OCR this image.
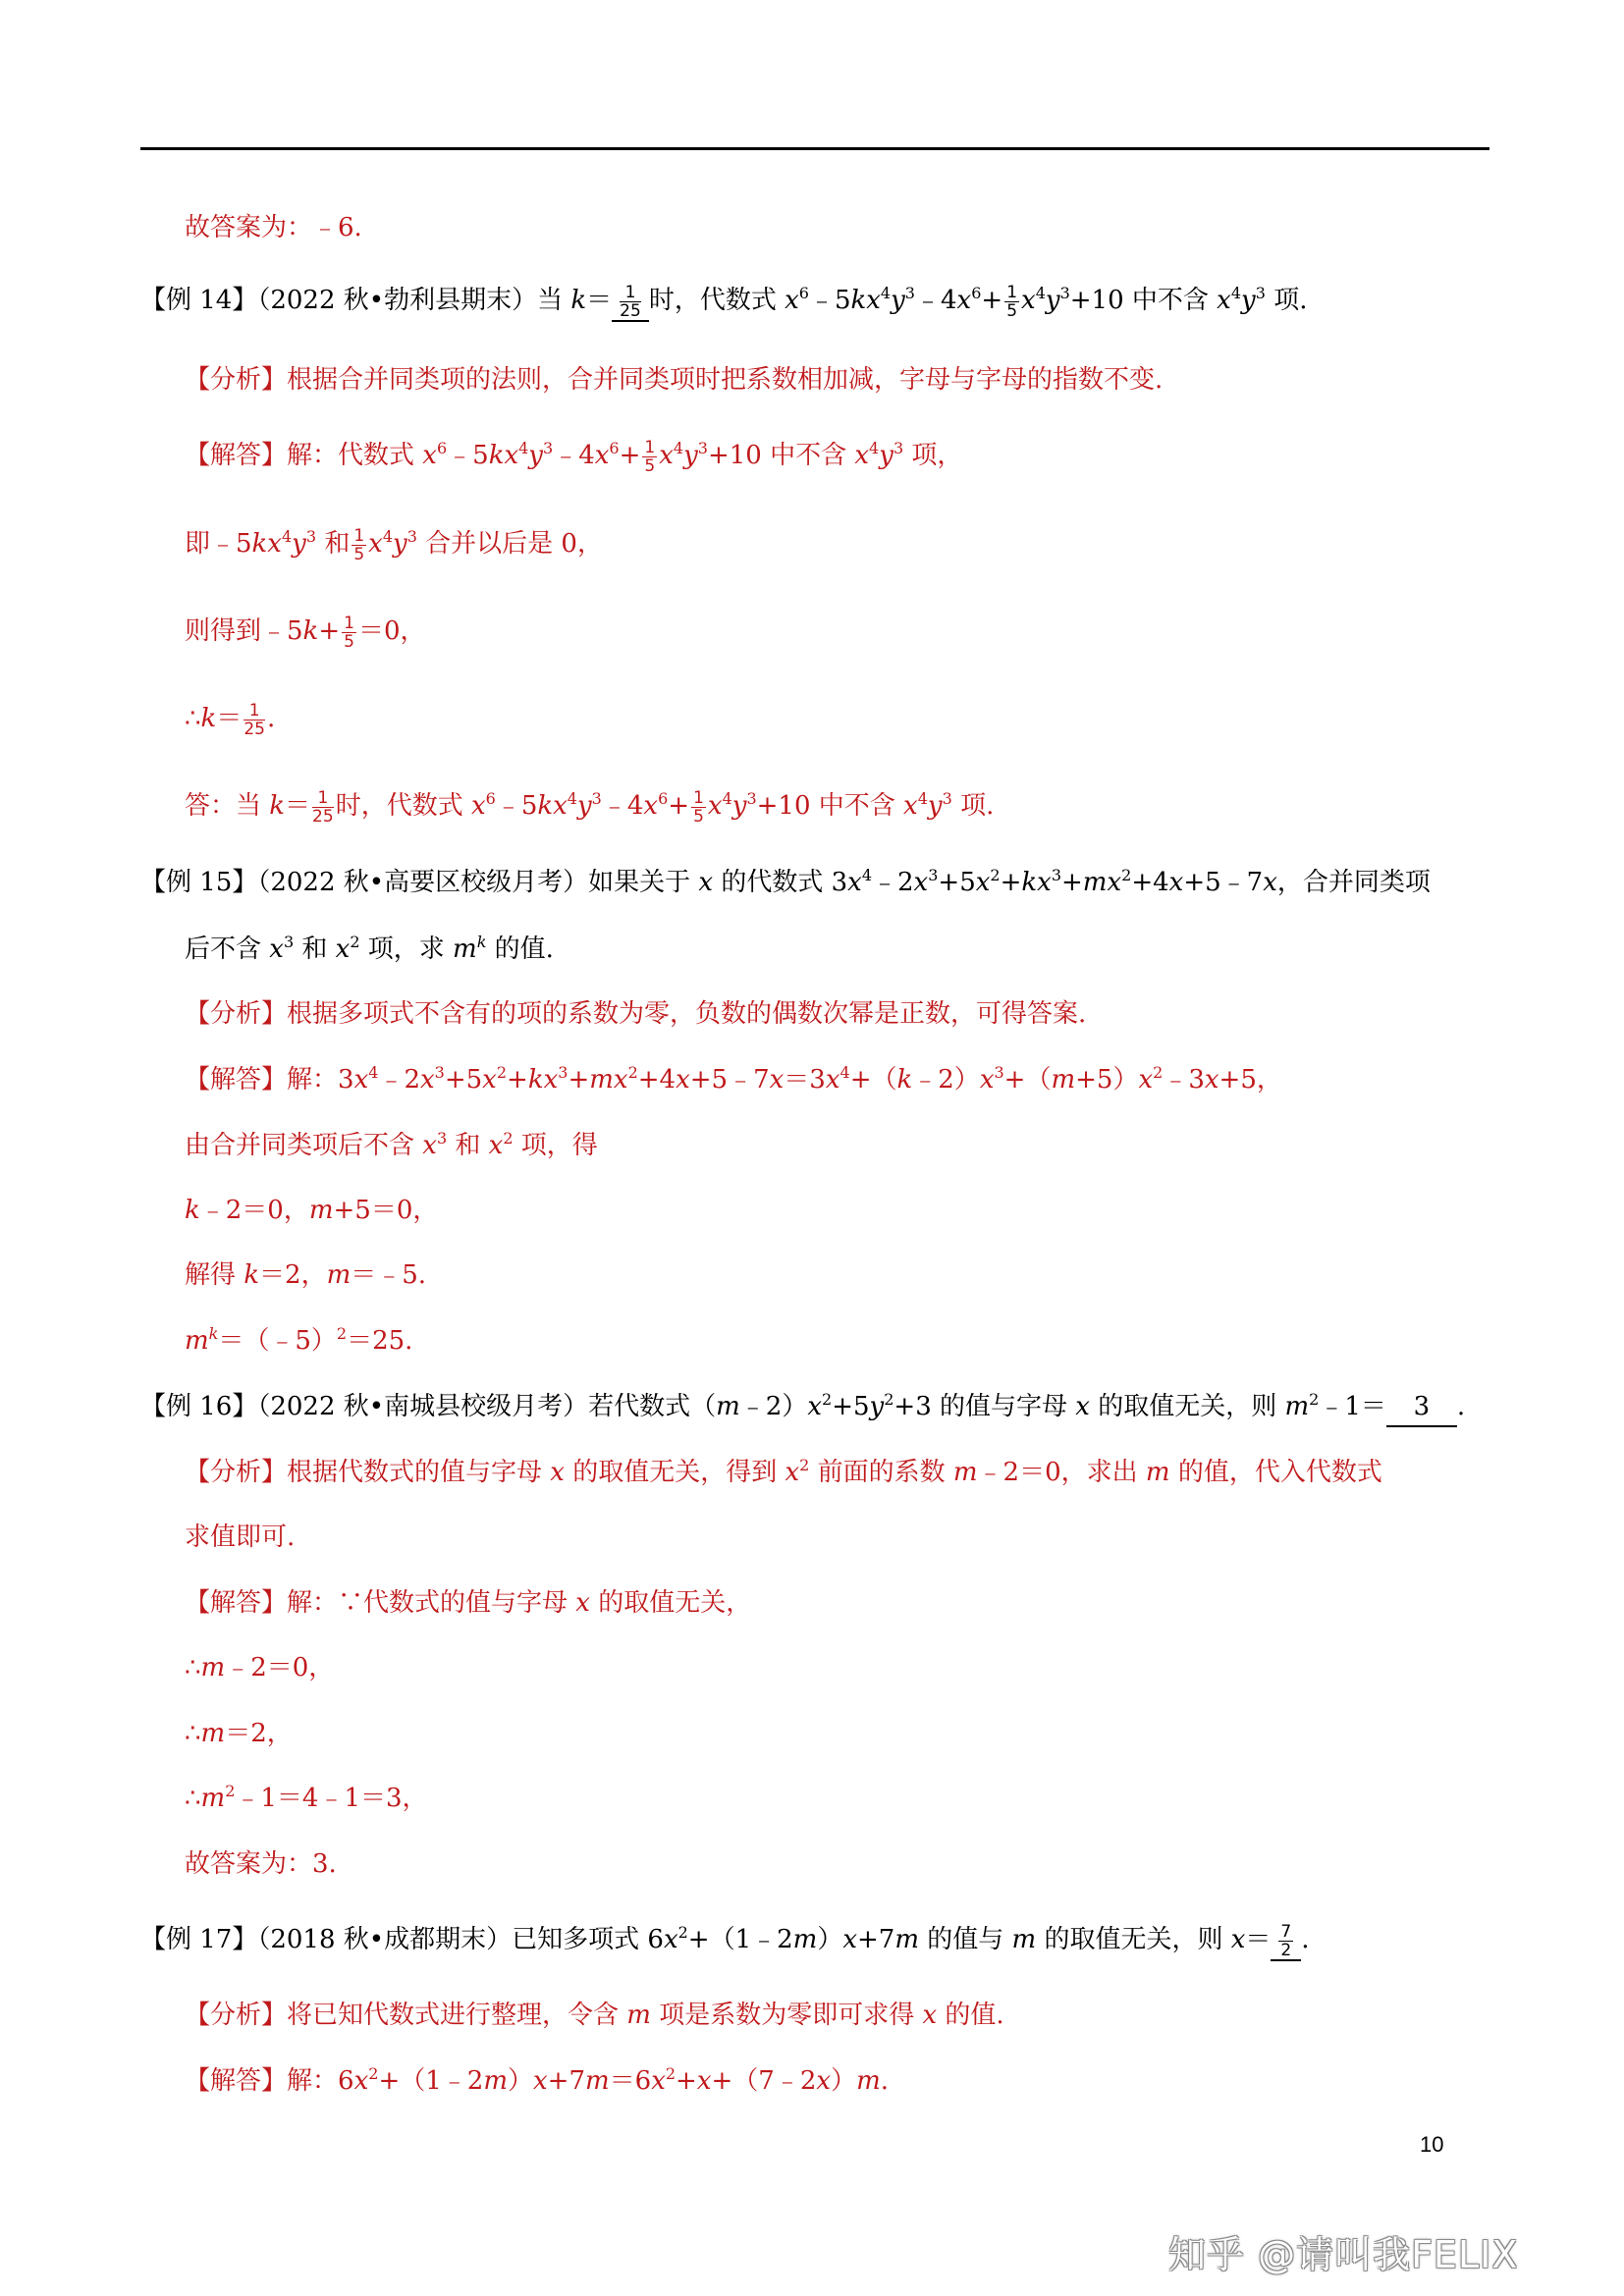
故答案为：﹣6.
【例 14】（2022 秋•勃利县期末）当 $k= \frac{1}{25}$ 时，代数式 $x^6﹣5kx^4y^3﹣4x^6+ \frac{1}{5} x^4y^3+10$ 中不含 $x^4y^3$ 项.
【分析】根据合并同类项的法则，合并同类项时把系数相加减，字母与字母的指数不变.
【解答】解：代数式 $x^6﹣5kx^4y^3﹣4x^6+ \frac{1}{5} x^4y^3+10$ 中不含 $x^4y^3$ 项，
即$﹣5kx^4y^3$ 和 $\frac{1}{5} x^4y^3$ 合并以后是 0，
则得到﹣5k+ $\frac{1}{5} =0$，
∴k＝ $\frac{1}{25}$ .
答：当 $k= \frac{1}{25}$ 时，代数式 $x^6﹣5kx^4y^3﹣4x^6+ \frac{1}{5} x^4y^3+10$ 中不含 $x^4y^3$ 项.
【例 15】（2022 秋•高要区校级月考）如果关于 x 的代数式 $3x^4﹣2x^3+5x^2+kx^3+mx^2+4x+5﹣7x$，合并同类项
后不含 $x^3$ 和 $x^2$ 项，求 $m^k$ 的值.
【分析】根据多项式不含有的项的系数为零，负数的偶数次幂是正数，可得答案.
【解答】解：$3x^4﹣2x^3+5x^2+kx^3+mx^2+4x+5﹣7x=3x^4+(k﹣2)x^3+(m+5)x^2﹣3x+5$，
由合并同类项后不含 $x^3$ 和 $x^2$ 项，得
k﹣2＝0，m+5＝0，
解得 k＝2，m＝﹣5.
$m^k=(﹣5)^2=25$.
【例 16】（2022 秋•南城县校级月考）若代数式$(m﹣2)x^2+5y^2+3$ 的值与字母 x 的取值无关，则 $m^2﹣1= 3$ .
【分析】根据代数式的值与字母 x 的取值无关，得到 $x^2$ 前面的系数 m﹣2＝0，求出 m 的值，代入代数式
求值即可.
【解答】解：∵代数式的值与字母 x 的取值无关，
∴m﹣2＝0，
∴m＝2，
$\therefore m^2﹣1=4﹣1=3$，
故答案为：3.
【例 17】（2018 秋•成都期末）已知多项式 $6x^2+(1﹣2m)x+7m$ 的值与 m 的取值无关，则 $x= \frac{7}{2}$ .
【分析】将已知代数式进行整理，令含 m 项是系数为零即可求得 x 的值.
【解答】解：$6x^2+(1﹣2m)x+7m=6x^2+x+(7﹣2x)m$.
10
知乎 @请叫我FELIX
